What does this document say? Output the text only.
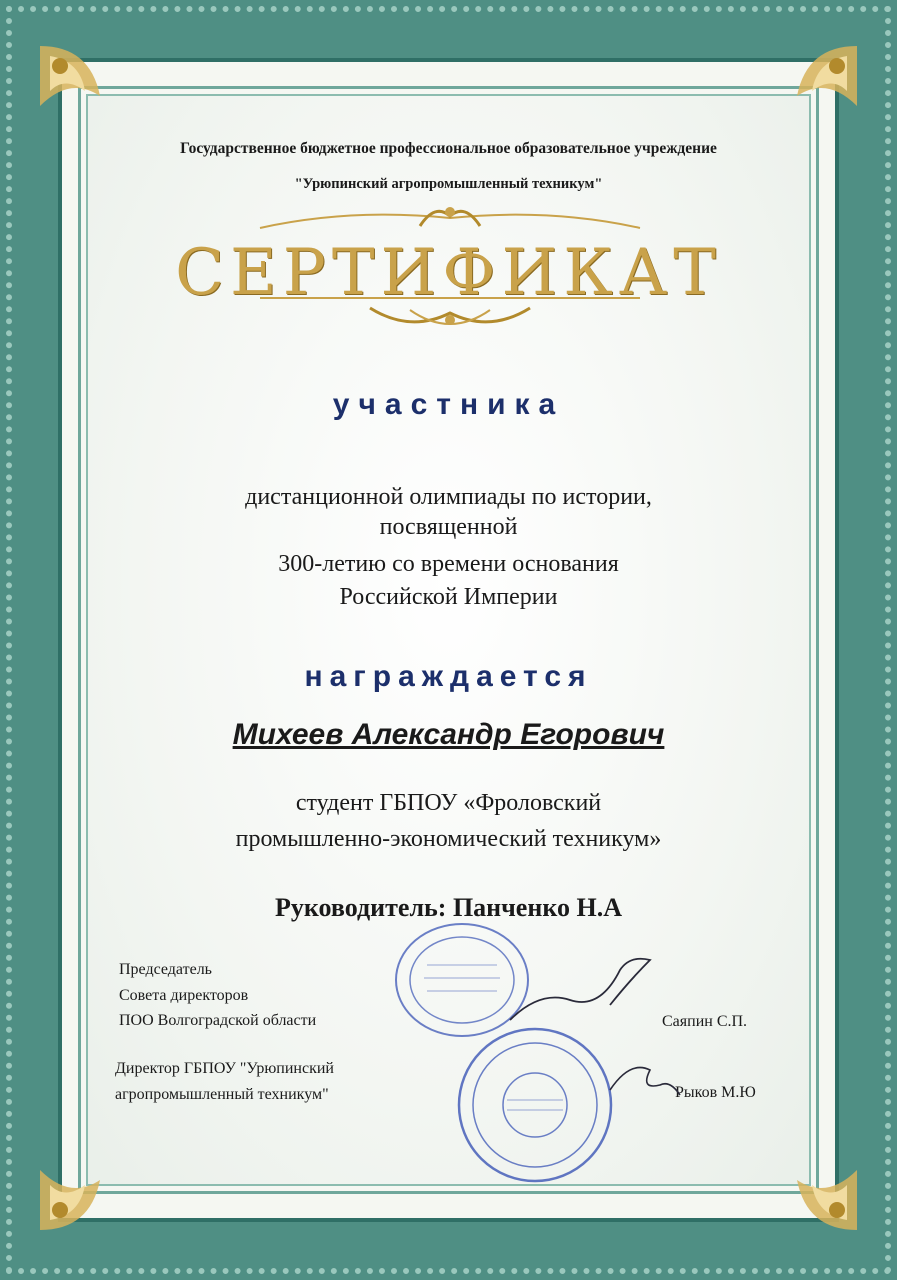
Государственное бюджетное профессиональное образовательное учреждение
"Урюпинский агропромышленный техникум"
СЕРТИФИКАТ
участника
дистанционной олимпиады по истории,
посвященной
300-летию со времени основания
Российской Империи
награждается
Михеев Александр Егорович
студент ГБПОУ «Фроловский
промышленно-экономический техникум»
Руководитель: Панченко Н.А
Председатель
Совета директоров
ПОО Волгоградской области	Саяпин С.П.
Директор ГБПОУ "Урюпинский
агропромышленный техникум"	Рыков М.Ю
